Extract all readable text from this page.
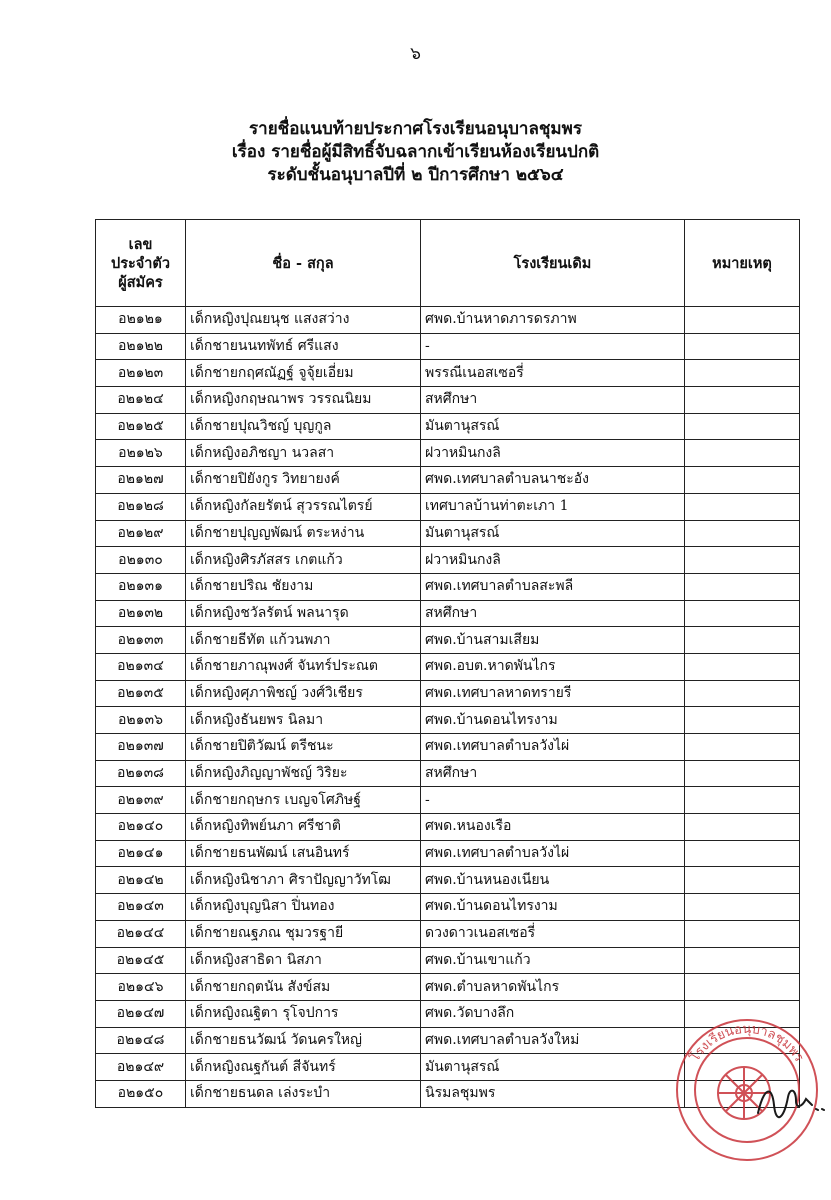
๖
รายชื่อแนบท้ายประกาศโรงเรียนอนุบาลชุมพร
เรื่อง รายชื่อผู้มีสิทธิ์จับฉลากเข้าเรียนห้องเรียนปกติ
ระดับชั้นอนุบาลปีที่ ๒ ปีการศึกษา ๒๕๖๔
เลข
ประจำตัว
ผู้สมัคร	ชื่อ - สกุล	โรงเรียนเดิม	หมายเหตุ
อ๒๑๒๑	เด็กหญิงปุณยนุช แสงสว่าง	ศพด.บ้านหาดภารดรภาพ	
อ๒๑๒๒	เด็กชายนนทพัทธ์ ศรีแสง	-	
อ๒๑๒๓	เด็กชายกฤศณัฏฐ์ จูจุ้ยเอี่ยม	พรรณีเนอสเซอรี่	
อ๒๑๒๔	เด็กหญิงกฤษณาพร วรรณนิยม	สหศึกษา	
อ๒๑๒๕	เด็กชายปุณวิชญ์ บุญกูล	มันตานุสรณ์	
อ๒๑๒๖	เด็กหญิงอภิชญา นวลสา	ฝวาหมินกงลิ	
อ๒๑๒๗	เด็กชายปิยังกูร วิทยายงค์	ศพด.เทศบาลตำบลนาชะอัง	
อ๒๑๒๘	เด็กหญิงกัลยรัตน์ สุวรรณไตรย์	เทศบาลบ้านท่าตะเภา 1	
อ๒๑๒๙	เด็กชายปุญญพัฒน์ ตระหง่าน	มันตานุสรณ์	
อ๒๑๓๐	เด็กหญิงศิรภัสสร เกตแก้ว	ฝวาหมินกงลิ	
อ๒๑๓๑	เด็กชายปริณ ชัยงาม	ศพด.เทศบาลตำบลสะพลี	
อ๒๑๓๒	เด็กหญิงชวัลรัตน์ พลนารุด	สหศึกษา	
อ๒๑๓๓	เด็กชายธีทัต แก้วนพภา	ศพด.บ้านสามเสียม	
อ๒๑๓๔	เด็กชายภาณุพงศ์ จันทร์ประณต	ศพด.อบต.หาดพันไกร	
อ๒๑๓๕	เด็กหญิงศุภาพิชญ์ วงศ์วิเชียร	ศพด.เทศบาลหาดทรายรี	
อ๒๑๓๖	เด็กหญิงธันยพร นิลมา	ศพด.บ้านดอนไทรงาม	
อ๒๑๓๗	เด็กชายปิติวัฒน์ ตรีชนะ	ศพด.เทศบาลตำบลวังไผ่	
อ๒๑๓๘	เด็กหญิงภิญญาพัชญ์ วิริยะ	สหศึกษา	
อ๒๑๓๙	เด็กชายกฤษกร เบญจโศภิษฐ์	-	
อ๒๑๔๐	เด็กหญิงทิพย์นภา ศรีชาติ	ศพด.หนองเรือ	
อ๒๑๔๑	เด็กชายธนพัฒน์ เสนอินทร์	ศพด.เทศบาลตำบลวังไผ่	
อ๒๑๔๒	เด็กหญิงนิชาภา ศิราปัญญาวัทโฒ	ศพด.บ้านหนองเนียน	
อ๒๑๔๓	เด็กหญิงบุญนิสา ปิ่นทอง	ศพด.บ้านดอนไทรงาม	
อ๒๑๔๔	เด็กชายณฐภณ ชุมวรฐายี	ดวงดาวเนอสเซอรี่	
อ๒๑๔๕	เด็กหญิงสาธิดา นิสภา	ศพด.บ้านเขาแก้ว	
อ๒๑๔๖	เด็กชายกฤตนัน สังข์สม	ศพด.ตำบลหาดพันไกร	
อ๒๑๔๗	เด็กหญิงณฐิตา รุโจปการ	ศพด.วัดบางลึก	
อ๒๑๔๘	เด็กชายธนวัฒน์ วัดนครใหญ่	ศพด.เทศบาลตำบลวังใหม่	
อ๒๑๔๙	เด็กหญิงณฐกันต์ สีจันทร์	มันตานุสรณ์	
อ๒๑๕๐	เด็กชายธนดล เล่งระบำ	นิรมลชุมพร	
โรงเรียนอนุบาลชุมพร
